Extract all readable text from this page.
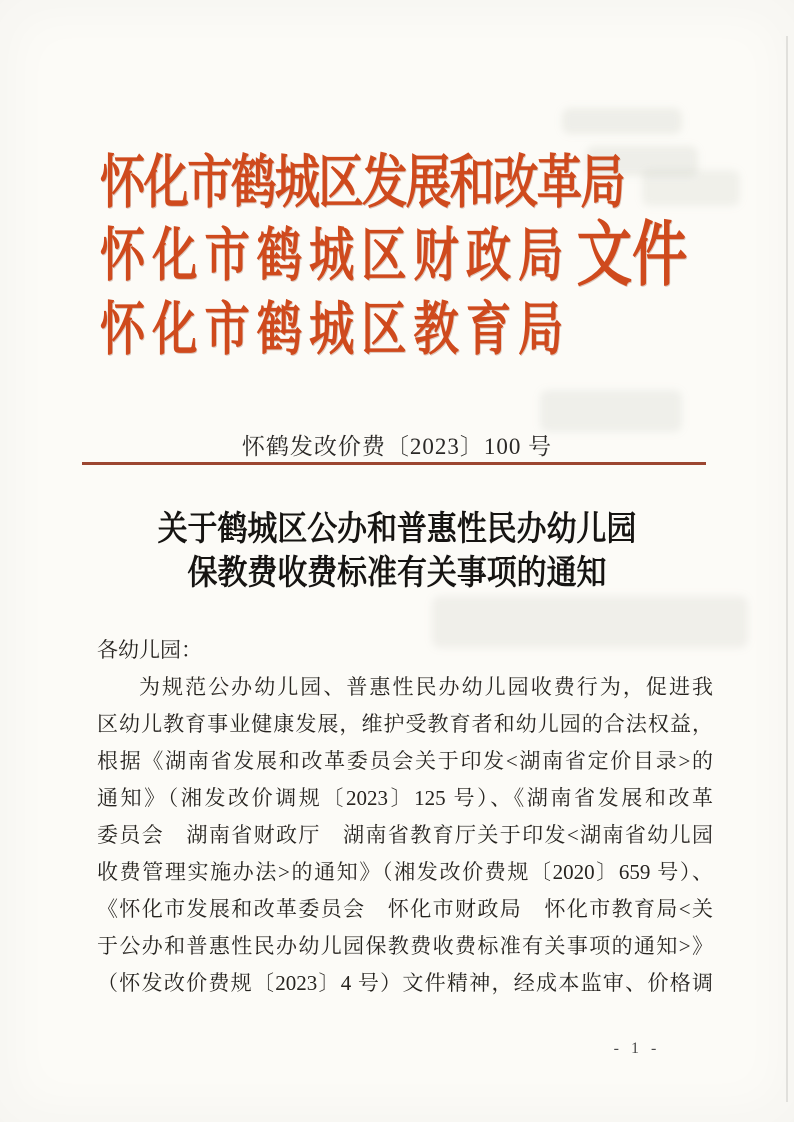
怀化市鹤城区发展和改革局
怀化市鹤城区财政局文件
怀化市鹤城区教育局
怀鹤发改价费〔2023〕100 号
关于鹤城区公办和普惠性民办幼儿园
保教费收费标准有关事项的通知
各幼儿园：
为规范公办幼儿园、普惠性民办幼儿园收费行为，促进我
区幼儿教育事业健康发展，维护受教育者和幼儿园的合法权益，
根据《湖南省发展和改革委员会关于印发<湖南省定价目录>的
通知》（湘发改价调规〔2023〕125 号）、《湖南省发展和改革
委员会　湖南省财政厅　湖南省教育厅关于印发<湖南省幼儿园
收费管理实施办法>的通知》（湘发改价费规〔2020〕659 号）、
《怀化市发展和改革委员会　怀化市财政局　怀化市教育局<关
于公办和普惠性民办幼儿园保教费收费标准有关事项的通知>》
（怀发改价费规〔2023〕4 号）文件精神，经成本监审、价格调
- 1 -
